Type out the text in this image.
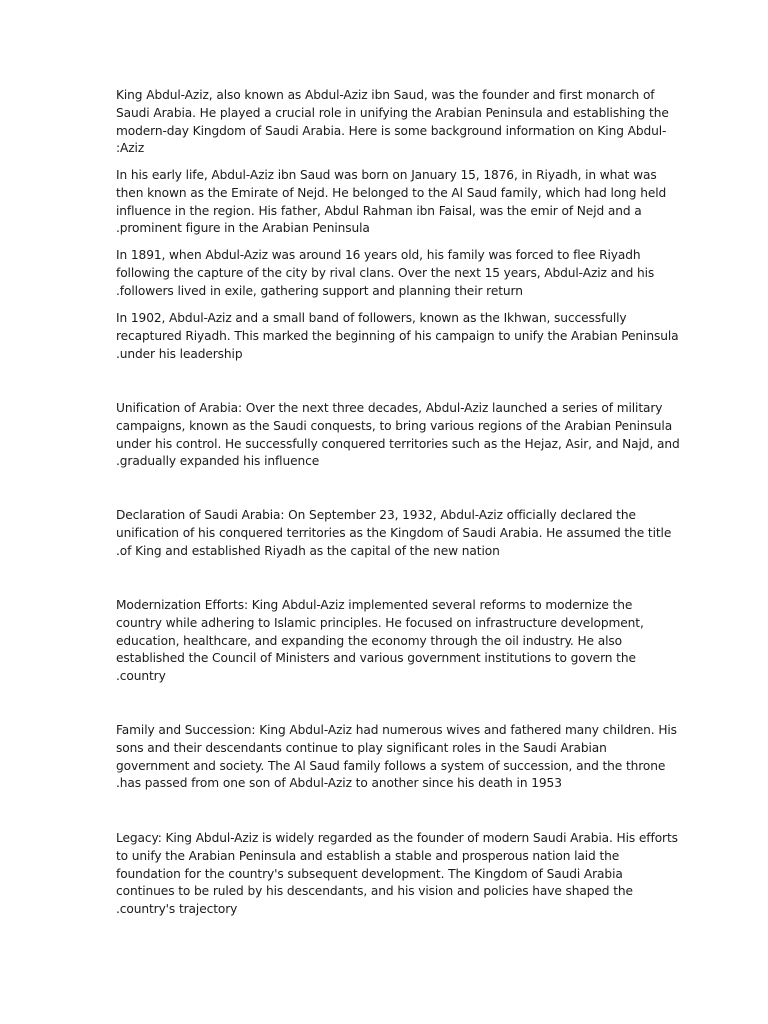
King Abdul-Aziz, also known as Abdul-Aziz ibn Saud, was the founder and first monarch of
Saudi Arabia. He played a crucial role in unifying the Arabian Peninsula and establishing the
modern-day Kingdom of Saudi Arabia. Here is some background information on King Abdul-
:Aziz

In his early life, Abdul-Aziz ibn Saud was born on January 15, 1876, in Riyadh, in what was
then known as the Emirate of Nejd. He belonged to the Al Saud family, which had long held
influence in the region. His father, Abdul Rahman ibn Faisal, was the emir of Nejd and a
.prominent figure in the Arabian Peninsula

In 1891, when Abdul-Aziz was around 16 years old, his family was forced to flee Riyadh
following the capture of the city by rival clans. Over the next 15 years, Abdul-Aziz and his
.followers lived in exile, gathering support and planning their return

In 1902, Abdul-Aziz and a small band of followers, known as the Ikhwan, successfully
recaptured Riyadh. This marked the beginning of his campaign to unify the Arabian Peninsula
.under his leadership

Unification of Arabia: Over the next three decades, Abdul-Aziz launched a series of military
campaigns, known as the Saudi conquests, to bring various regions of the Arabian Peninsula
under his control. He successfully conquered territories such as the Hejaz, Asir, and Najd, and
.gradually expanded his influence

Declaration of Saudi Arabia: On September 23, 1932, Abdul-Aziz officially declared the
unification of his conquered territories as the Kingdom of Saudi Arabia. He assumed the title
.of King and established Riyadh as the capital of the new nation

Modernization Efforts: King Abdul-Aziz implemented several reforms to modernize the
country while adhering to Islamic principles. He focused on infrastructure development,
education, healthcare, and expanding the economy through the oil industry. He also
established the Council of Ministers and various government institutions to govern the
.country

Family and Succession: King Abdul-Aziz had numerous wives and fathered many children. His
sons and their descendants continue to play significant roles in the Saudi Arabian
government and society. The Al Saud family follows a system of succession, and the throne
.has passed from one son of Abdul-Aziz to another since his death in 1953

Legacy: King Abdul-Aziz is widely regarded as the founder of modern Saudi Arabia. His efforts
to unify the Arabian Peninsula and establish a stable and prosperous nation laid the
foundation for the country's subsequent development. The Kingdom of Saudi Arabia
continues to be ruled by his descendants, and his vision and policies have shaped the
.country's trajectory
